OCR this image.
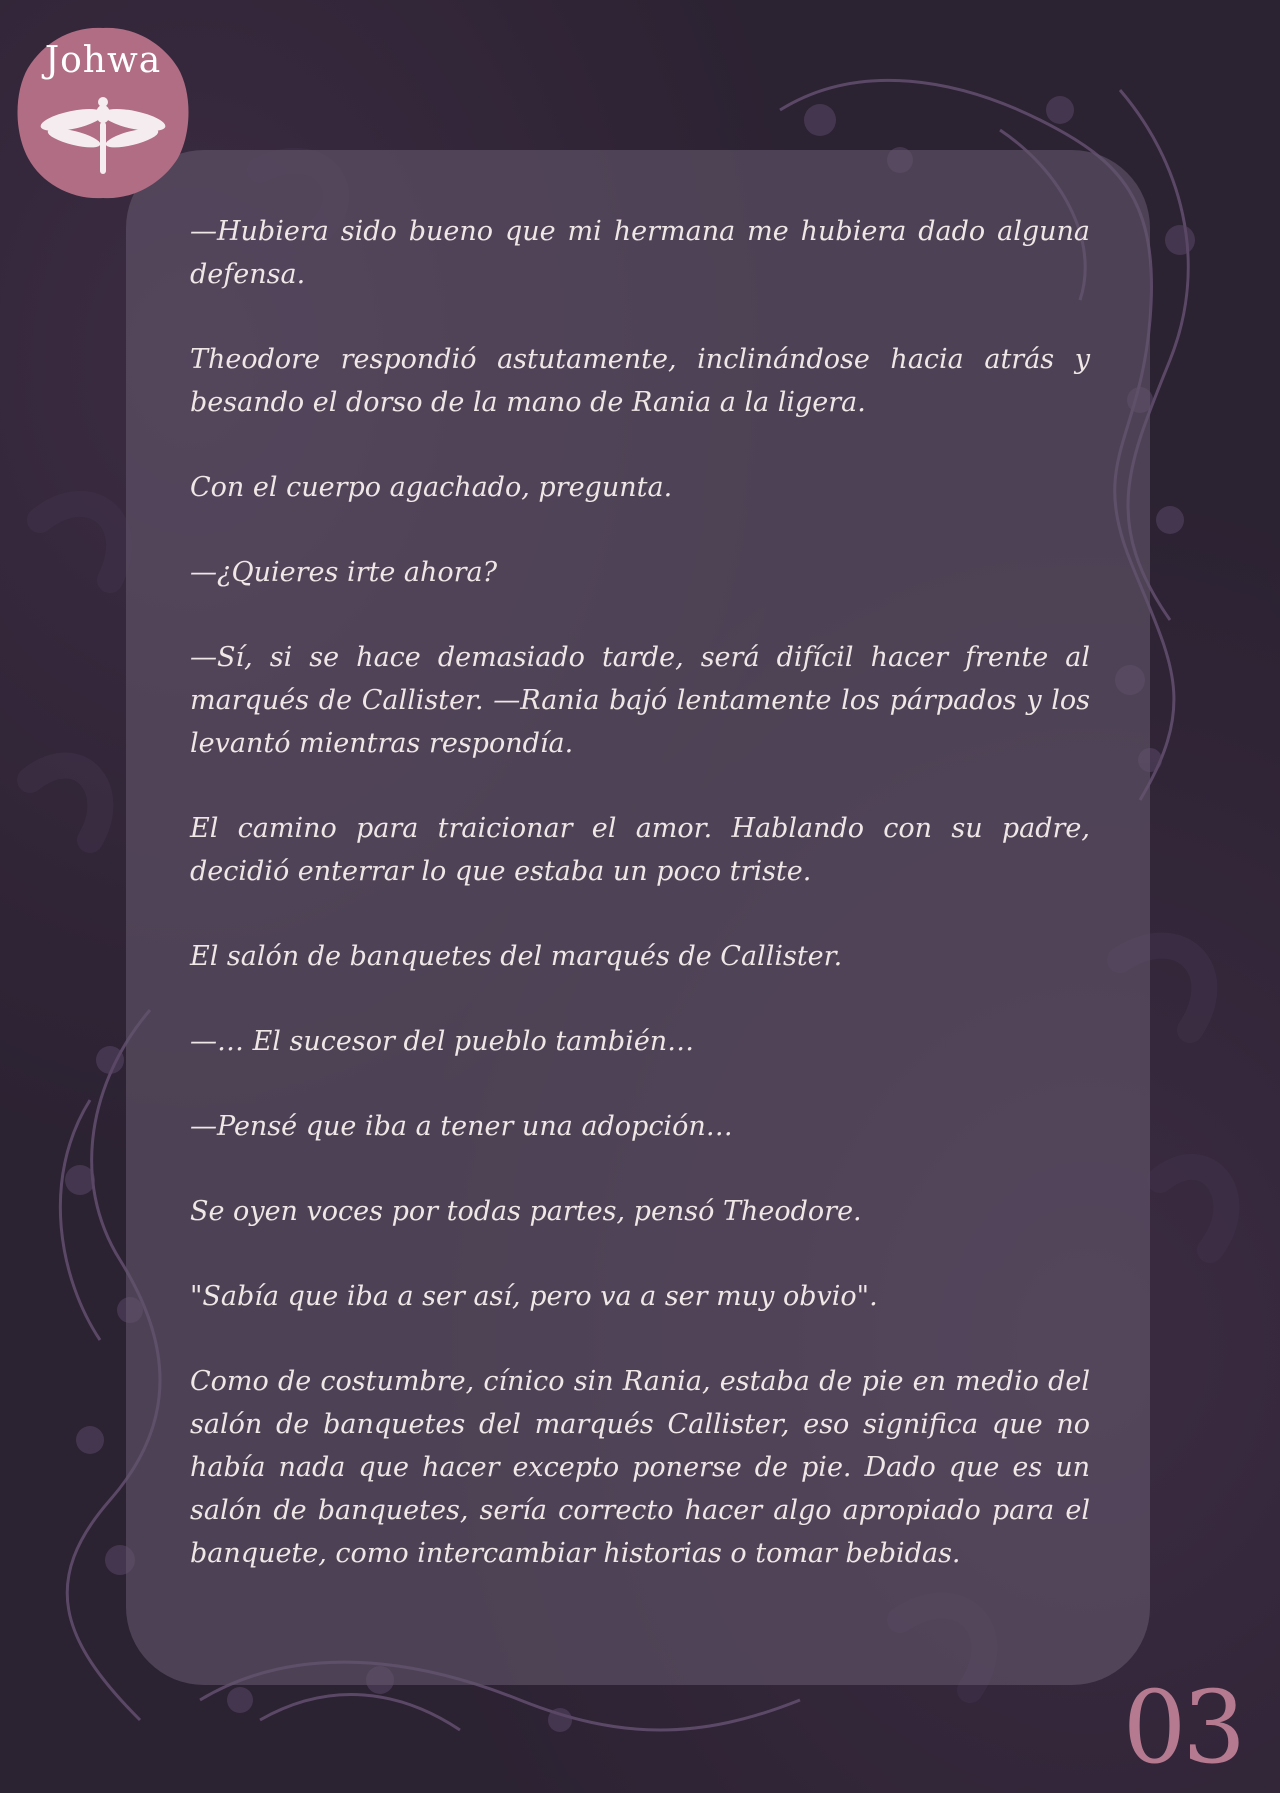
Johwa

—Hubiera sido bueno que mi hermana me hubiera dado alguna defensa.

Theodore respondió astutamente, inclinándose hacia atrás y besando el dorso de la mano de Rania a la ligera.

Con el cuerpo agachado, pregunta.

—¿Quieres irte ahora?

—Sí, si se hace demasiado tarde, será difícil hacer frente al marqués de Callister. —Rania bajó lentamente los párpados y los levantó mientras respondía.

El camino para traicionar el amor. Hablando con su padre, decidió enterrar lo que estaba un poco triste.

El salón de banquetes del marqués de Callister.

—… El sucesor del pueblo también…

—Pensé que iba a tener una adopción…

Se oyen voces por todas partes, pensó Theodore.

"Sabía que iba a ser así, pero va a ser muy obvio".

Como de costumbre, cínico sin Rania, estaba de pie en medio del salón de banquetes del marqués Callister, eso significa que no había nada que hacer excepto ponerse de pie. Dado que es un salón de banquetes, sería correcto hacer algo apropiado para el banquete, como intercambiar historias o tomar bebidas.

03
